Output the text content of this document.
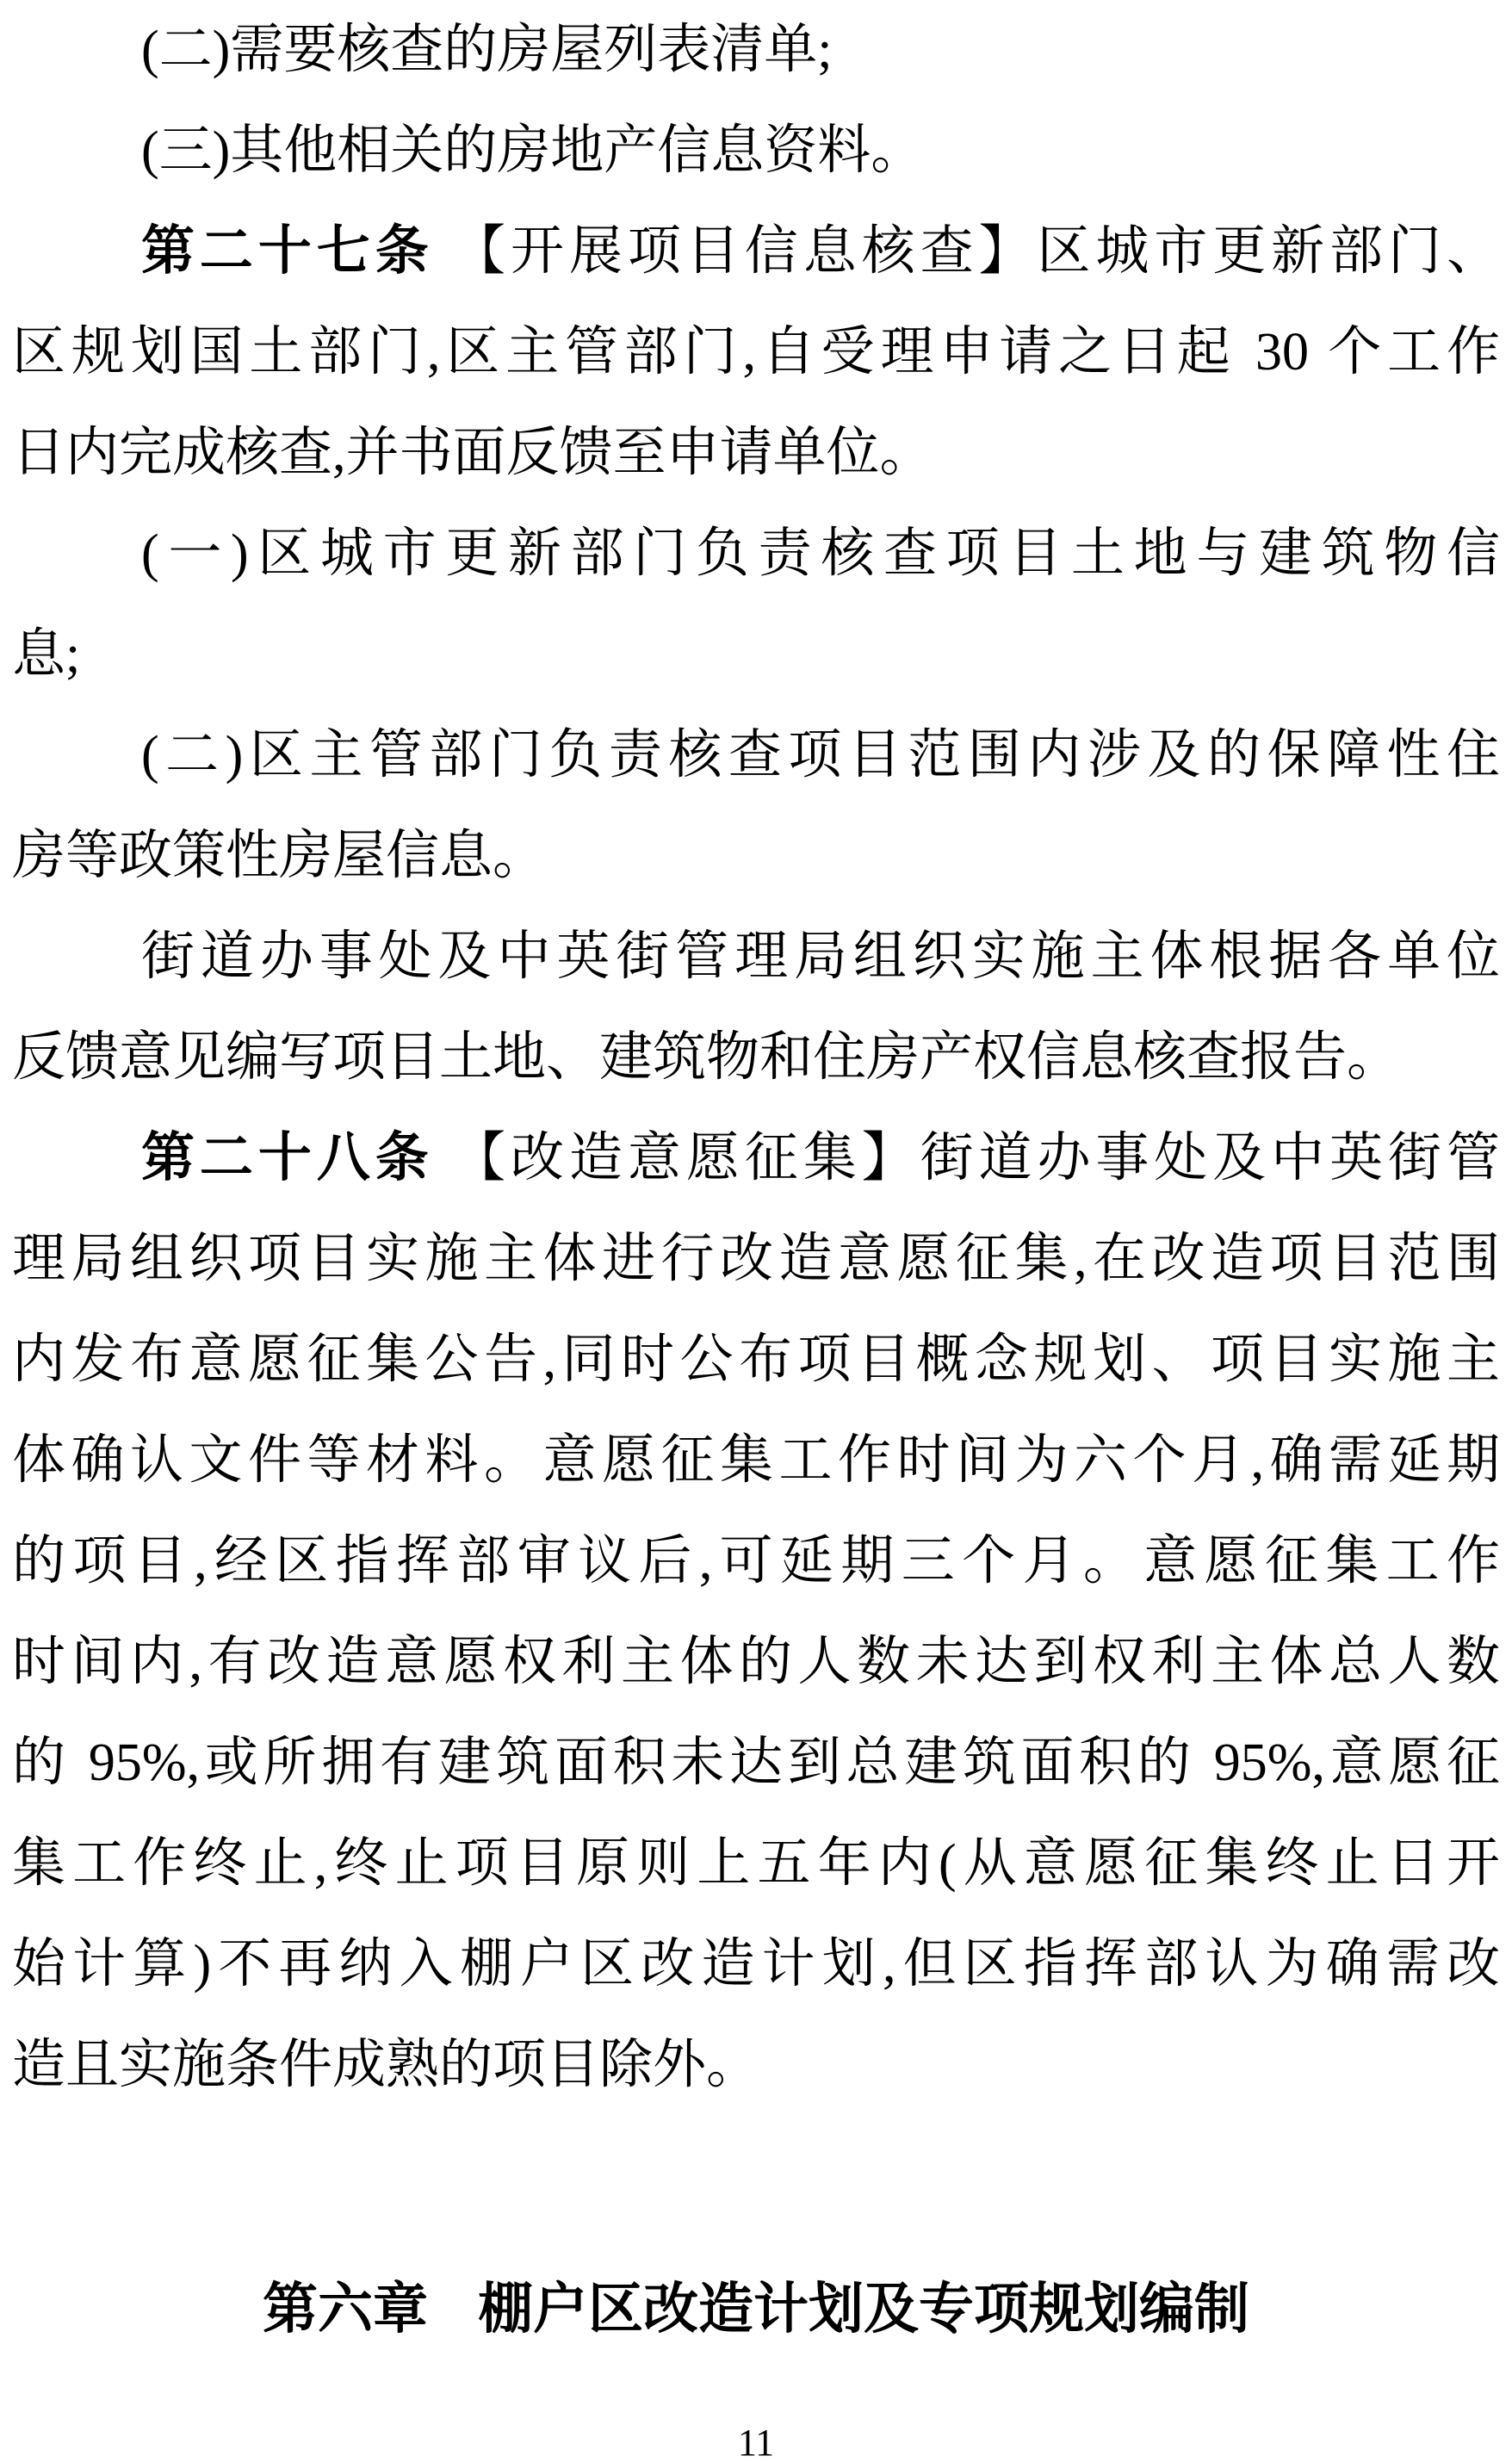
(二)需要核查的房屋列表清单;
(三)其他相关的房地产信息资料。
第二十七条 【开展项目信息核查】区城市更新部门、
区规划国土部门,区主管部门,自受理申请之日起 30 个工作
日内完成核查,并书面反馈至申请单位。
(一)区城市更新部门负责核查项目土地与建筑物信
息;
(二)区主管部门负责核查项目范围内涉及的保障性住
房等政策性房屋信息。
街道办事处及中英街管理局组织实施主体根据各单位
反馈意见编写项目土地、建筑物和住房产权信息核查报告。
第二十八条 【改造意愿征集】街道办事处及中英街管
理局组织项目实施主体进行改造意愿征集,在改造项目范围
内发布意愿征集公告,同时公布项目概念规划、项目实施主
体确认文件等材料。意愿征集工作时间为六个月,确需延期
的项目,经区指挥部审议后,可延期三个月。意愿征集工作
时间内,有改造意愿权利主体的人数未达到权利主体总人数
的 95%,或所拥有建筑面积未达到总建筑面积的 95%,意愿征
集工作终止,终止项目原则上五年内(从意愿征集终止日开
始计算)不再纳入棚户区改造计划,但区指挥部认为确需改
造且实施条件成熟的项目除外。
第六章 棚户区改造计划及专项规划编制
11
